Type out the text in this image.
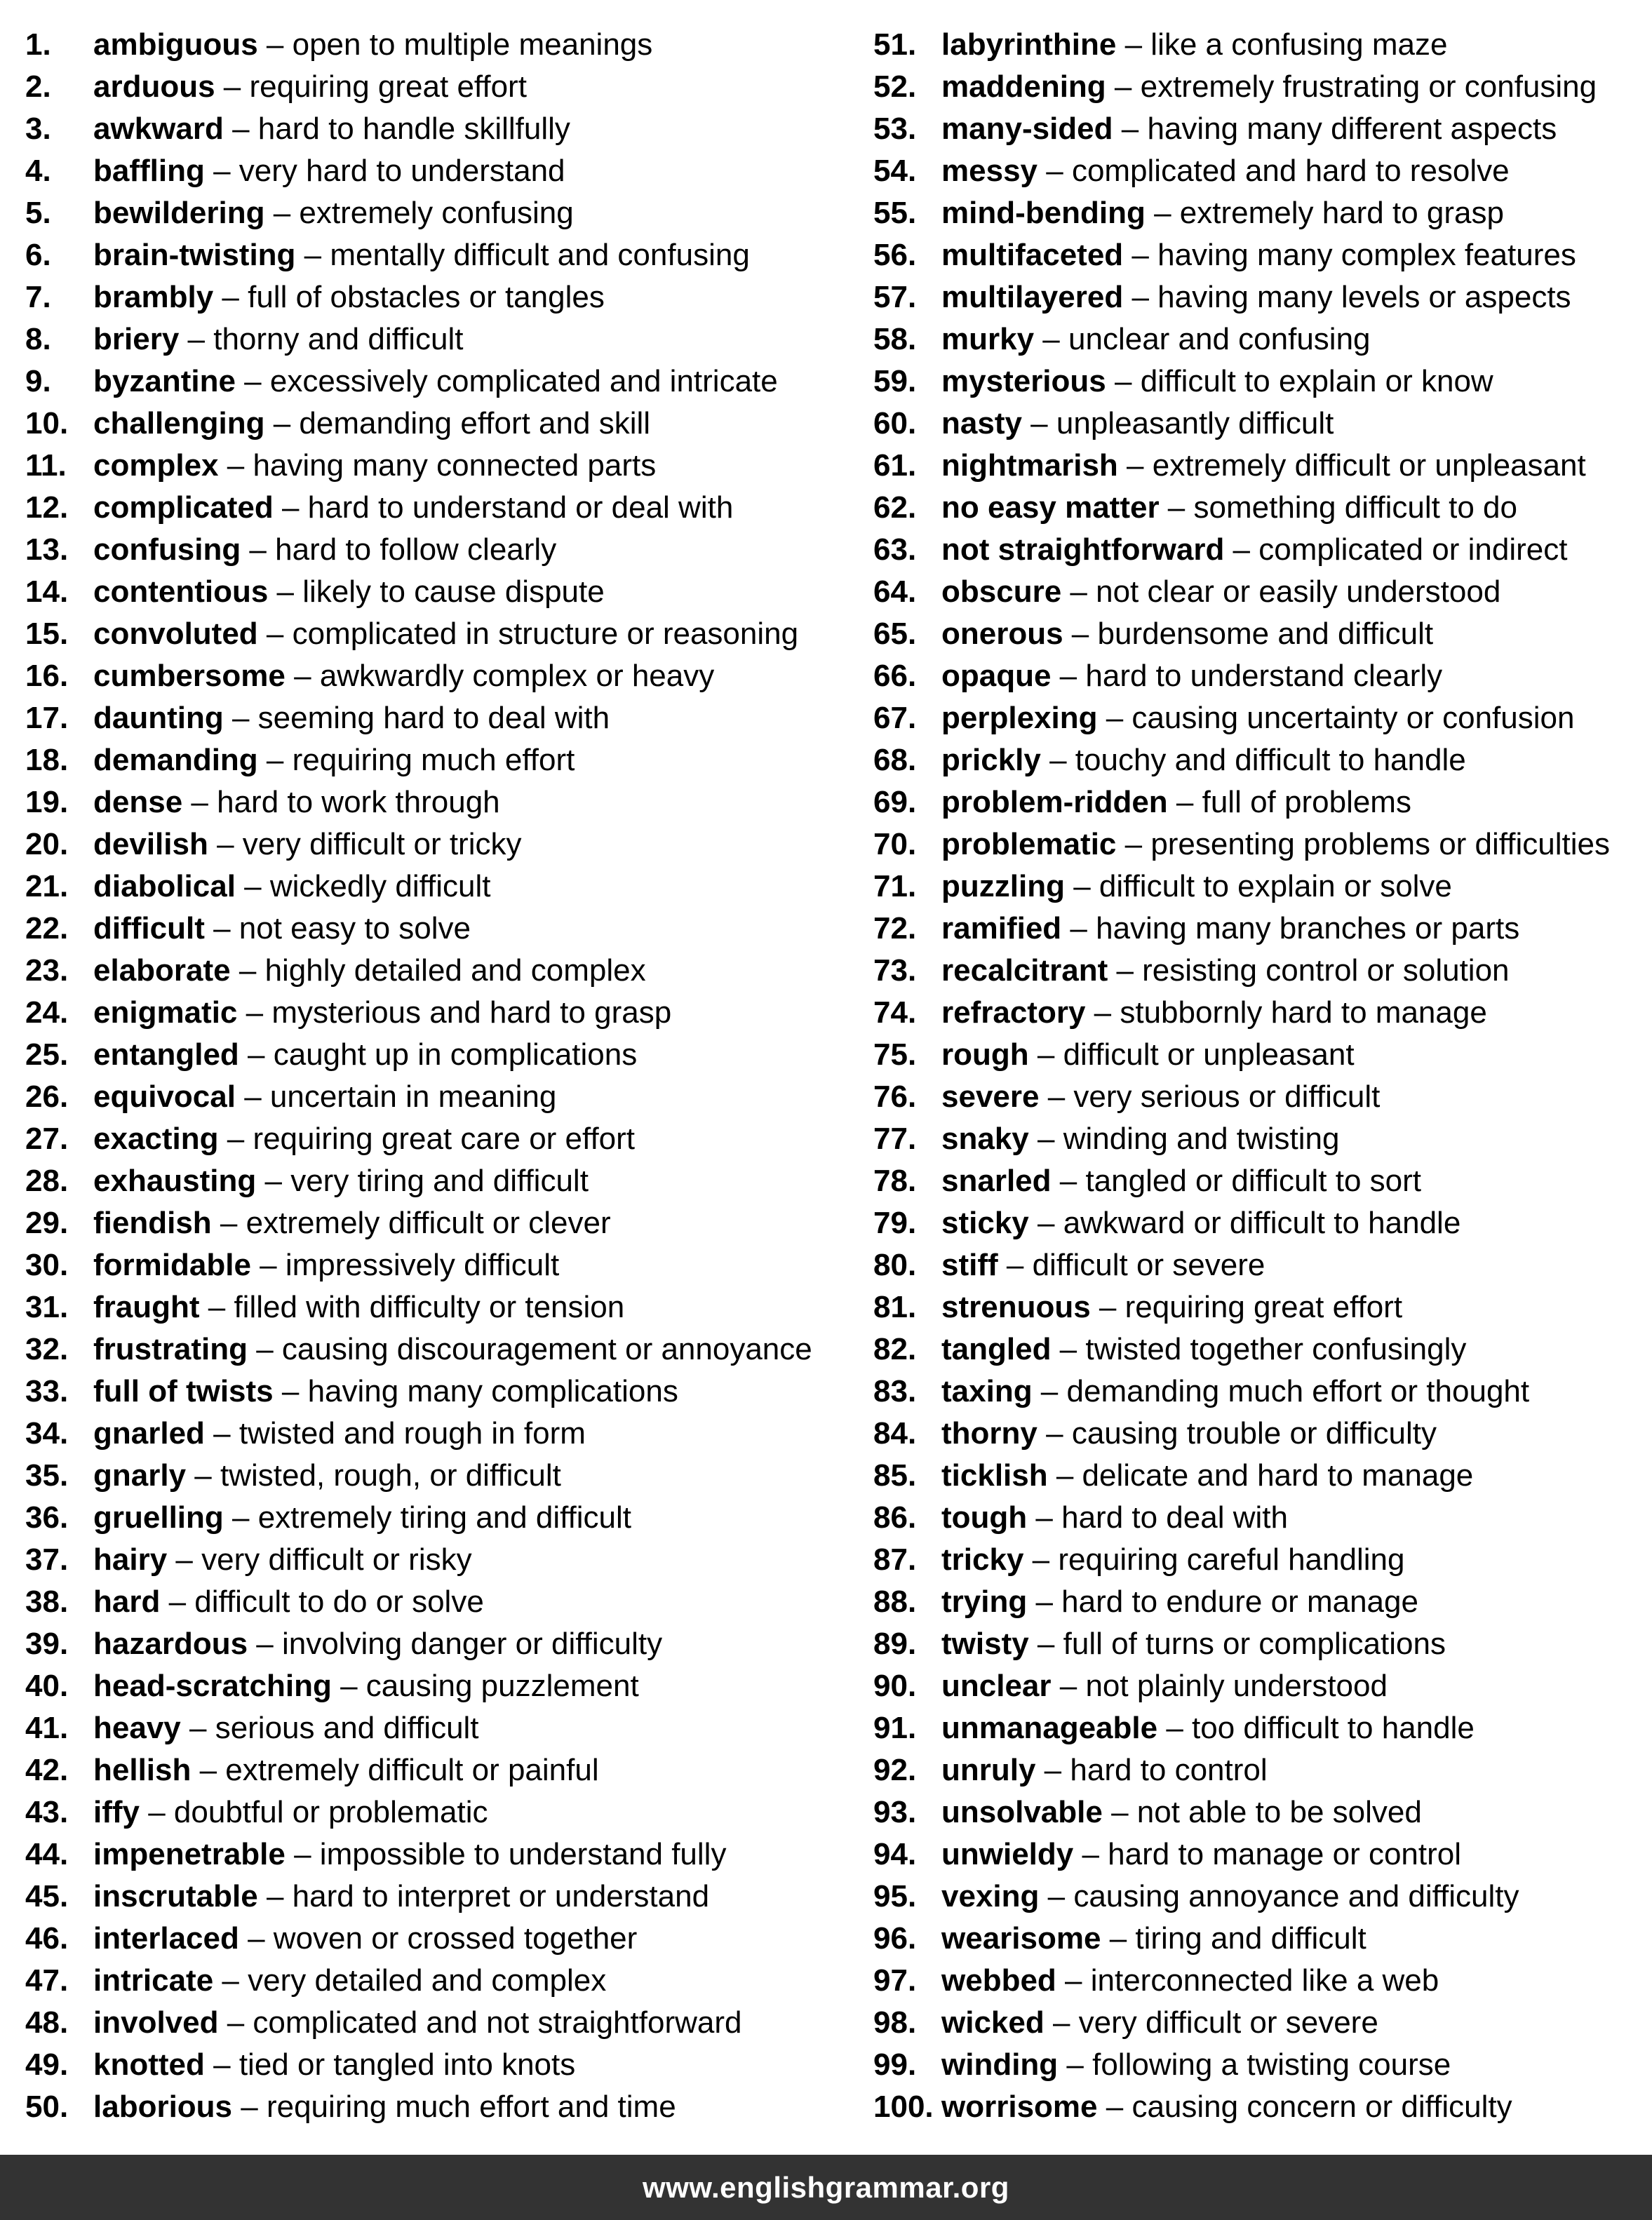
1.	ambiguous – open to multiple meanings
2.	arduous – requiring great effort
3.	awkward – hard to handle skillfully
4.	baffling – very hard to understand
5.	bewildering – extremely confusing
6.	brain-twisting – mentally difficult and confusing
7.	brambly – full of obstacles or tangles
8.	briery – thorny and difficult
9.	byzantine – excessively complicated and intricate
10. challenging – demanding effort and skill
11. complex – having many connected parts
12. complicated – hard to understand or deal with
13. confusing – hard to follow clearly
14. contentious – likely to cause dispute
15. convoluted – complicated in structure or reasoning
16. cumbersome – awkwardly complex or heavy
17. daunting – seeming hard to deal with
18. demanding – requiring much effort
19. dense – hard to work through
20. devilish – very difficult or tricky
21. diabolical – wickedly difficult
22. difficult – not easy to solve
23. elaborate – highly detailed and complex
24. enigmatic – mysterious and hard to grasp
25. entangled – caught up in complications
26. equivocal – uncertain in meaning
27. exacting – requiring great care or effort
28. exhausting – very tiring and difficult
29. fiendish – extremely difficult or clever
30. formidable – impressively difficult
31. fraught – filled with difficulty or tension
32. frustrating – causing discouragement or annoyance
33. full of twists – having many complications
34. gnarled – twisted and rough in form
35. gnarly – twisted, rough, or difficult
36. gruelling – extremely tiring and difficult
37. hairy – very difficult or risky
38. hard – difficult to do or solve
39. hazardous – involving danger or difficulty
40. head-scratching – causing puzzlement
41. heavy – serious and difficult
42. hellish – extremely difficult or painful
43. iffy – doubtful or problematic
44. impenetrable – impossible to understand fully
45. inscrutable – hard to interpret or understand
46. interlaced – woven or crossed together
47. intricate – very detailed and complex
48. involved – complicated and not straightforward
49. knotted – tied or tangled into knots
50. laborious – requiring much effort and time
51. labyrinthine – like a confusing maze
52. maddening – extremely frustrating or confusing
53. many-sided – having many different aspects
54. messy – complicated and hard to resolve
55. mind-bending – extremely hard to grasp
56. multifaceted – having many complex features
57. multilayered – having many levels or aspects
58. murky – unclear and confusing
59. mysterious – difficult to explain or know
60. nasty – unpleasantly difficult
61. nightmarish – extremely difficult or unpleasant
62. no easy matter – something difficult to do
63. not straightforward – complicated or indirect
64. obscure – not clear or easily understood
65. onerous – burdensome and difficult
66. opaque – hard to understand clearly
67. perplexing – causing uncertainty or confusion
68. prickly – touchy and difficult to handle
69. problem-ridden – full of problems
70. problematic – presenting problems or difficulties
71. puzzling – difficult to explain or solve
72. ramified – having many branches or parts
73. recalcitrant – resisting control or solution
74. refractory – stubbornly hard to manage
75. rough – difficult or unpleasant
76. severe – very serious or difficult
77. snaky – winding and twisting
78. snarled – tangled or difficult to sort
79. sticky – awkward or difficult to handle
80. stiff – difficult or severe
81. strenuous – requiring great effort
82. tangled – twisted together confusingly
83. taxing – demanding much effort or thought
84. thorny – causing trouble or difficulty
85. ticklish – delicate and hard to manage
86. tough – hard to deal with
87. tricky – requiring careful handling
88. trying – hard to endure or manage
89. twisty – full of turns or complications
90. unclear – not plainly understood
91. unmanageable – too difficult to handle
92. unruly – hard to control
93. unsolvable – not able to be solved
94. unwieldy – hard to manage or control
95. vexing – causing annoyance and difficulty
96. wearisome – tiring and difficult
97. webbed – interconnected like a web
98. wicked – very difficult or severe
99. winding – following a twisting course
100. worrisome – causing concern or difficulty
www.englishgrammar.org
